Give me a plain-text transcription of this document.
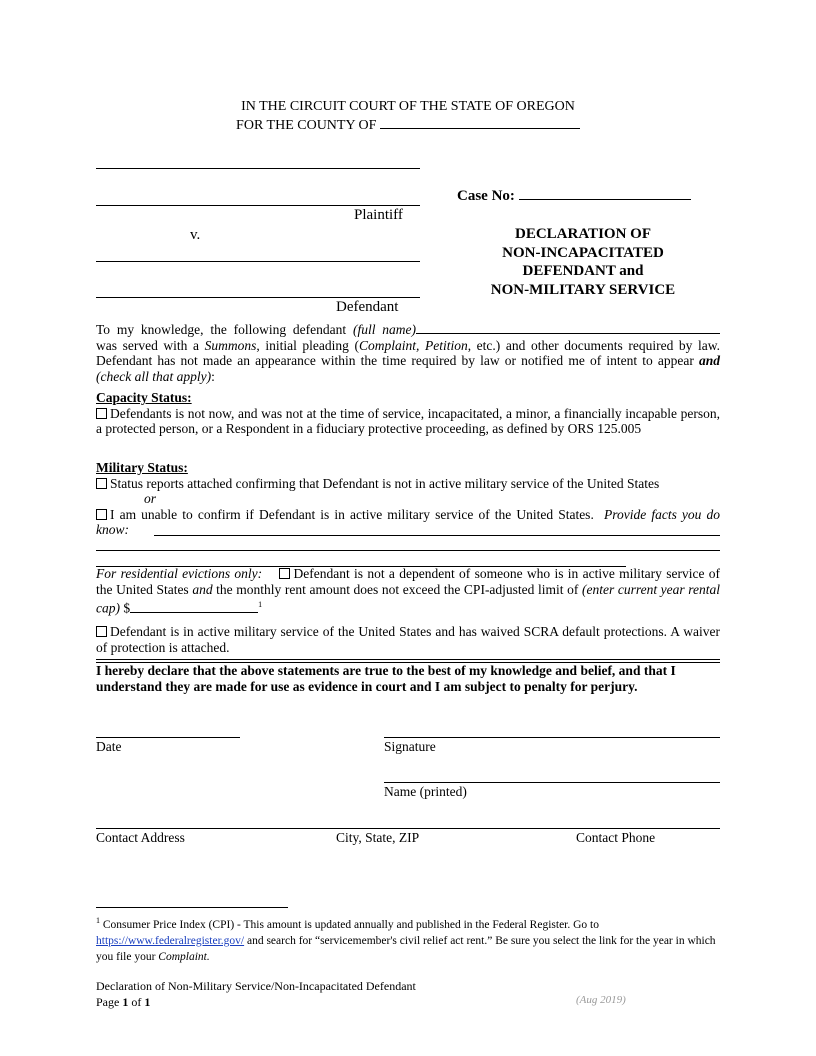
IN THE CIRCUIT COURT OF THE STATE OF OREGON
FOR THE COUNTY OF
Plaintiff
v.
Defendant
Case No:
DECLARATION OF
NON-INCAPACITATED
DEFENDANT and
NON-MILITARY SERVICE
To my knowledge, the following defendant (full name) was served with a Summons, initial pleading (Complaint, Petition, etc.) and other documents required by law. Defendant has not made an appearance within the time required by law or notified me of intent to appear and (check all that apply):
Capacity Status:
Defendants is not now, and was not at the time of service, incapacitated, a minor, a financially incapable person, a protected person, or a Respondent in a fiduciary protective proceeding, as defined by ORS 125.005
Military Status:
Status reports attached confirming that Defendant is not in active military service of the United States
or
I am unable to confirm if Defendant is in active military service of the United States. Provide facts you do know:
For residential evictions only: Defendant is not a dependent of someone who is in active military service of the United States and the monthly rent amount does not exceed the CPI-adjusted limit of (enter current year rental cap) $	$^1$
Defendant is in active military service of the United States and has waived SCRA default protections. A waiver of protection is attached.
I hereby declare that the above statements are true to the best of my knowledge and belief, and that I understand they are made for use as evidence in court and I am subject to penalty for perjury.
Date	Signature
Name (printed)
Contact Address	City, State, ZIP	Contact Phone
$^1$ Consumer Price Index (CPI) - This amount is updated annually and published in the Federal Register. Go to https://www.federalregister.gov/ and search for “servicemember's civil relief act rent.” Be sure you select the link for the year in which you file your Complaint.
Declaration of Non-Military Service/Non-Incapacitated Defendant
Page 1 of 1	(Aug 2019)
